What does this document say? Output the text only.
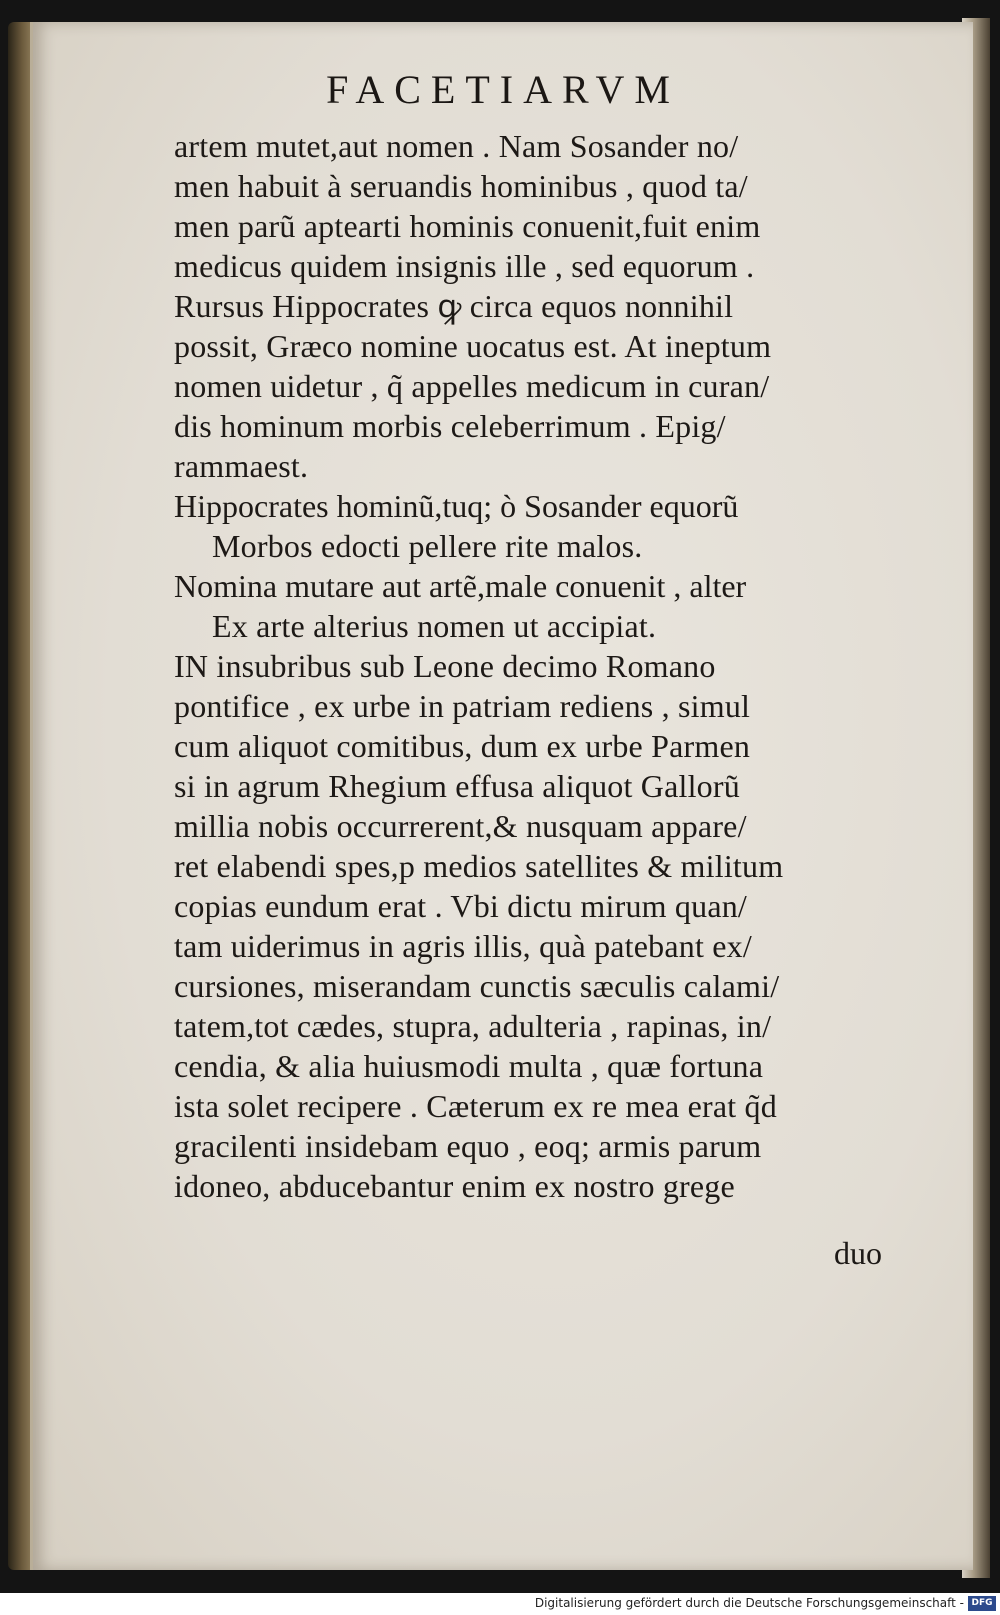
FACETIARVM
artem mutet,aut nomen . Nam Sosander no/
men habuit à seruandis hominibus , quod ta/
men parũ aptearti hominis conuenit,fuit enim
medicus quidem insignis ille , sed equorum .
Rursus Hippocrates ꝙ circa equos nonnihil
possit, Græco nomine uocatus est. At ineptum
nomen uidetur , q̃ appelles medicum in curan/
dis hominum morbis celeberrimum . Epig/
rammaest.
Hippocrates hominũ,tuq; ò Sosander equorũ
Morbos edocti pellere rite malos.
Nomina mutare aut artẽ,male conuenit , alter
Ex arte alterius nomen ut accipiat.
IN insubribus sub Leone decimo Romano
pontifice , ex urbe in patriam rediens , simul
cum aliquot comitibus, dum ex urbe Parmen
si in agrum Rhegium effusa aliquot Gallorũ
millia nobis occurrerent,& nusquam appare/
ret elabendi spes,p medios satellites & militum
copias eundum erat . Vbi dictu mirum quan/
tam uiderimus in agris illis, quà patebant ex/
cursiones, miserandam cunctis sæculis calami/
tatem,tot cædes, stupra, adulteria , rapinas, in/
cendia, & alia huiusmodi multa , quæ fortuna
ista solet recipere . Cæterum ex re mea erat q̃d
gracilenti insidebam equo , eoq; armis parum
idoneo, abducebantur enim ex nostro grege
duo
Digitalisierung gefördert durch die Deutsche Forschungsgemeinschaft - DFG
